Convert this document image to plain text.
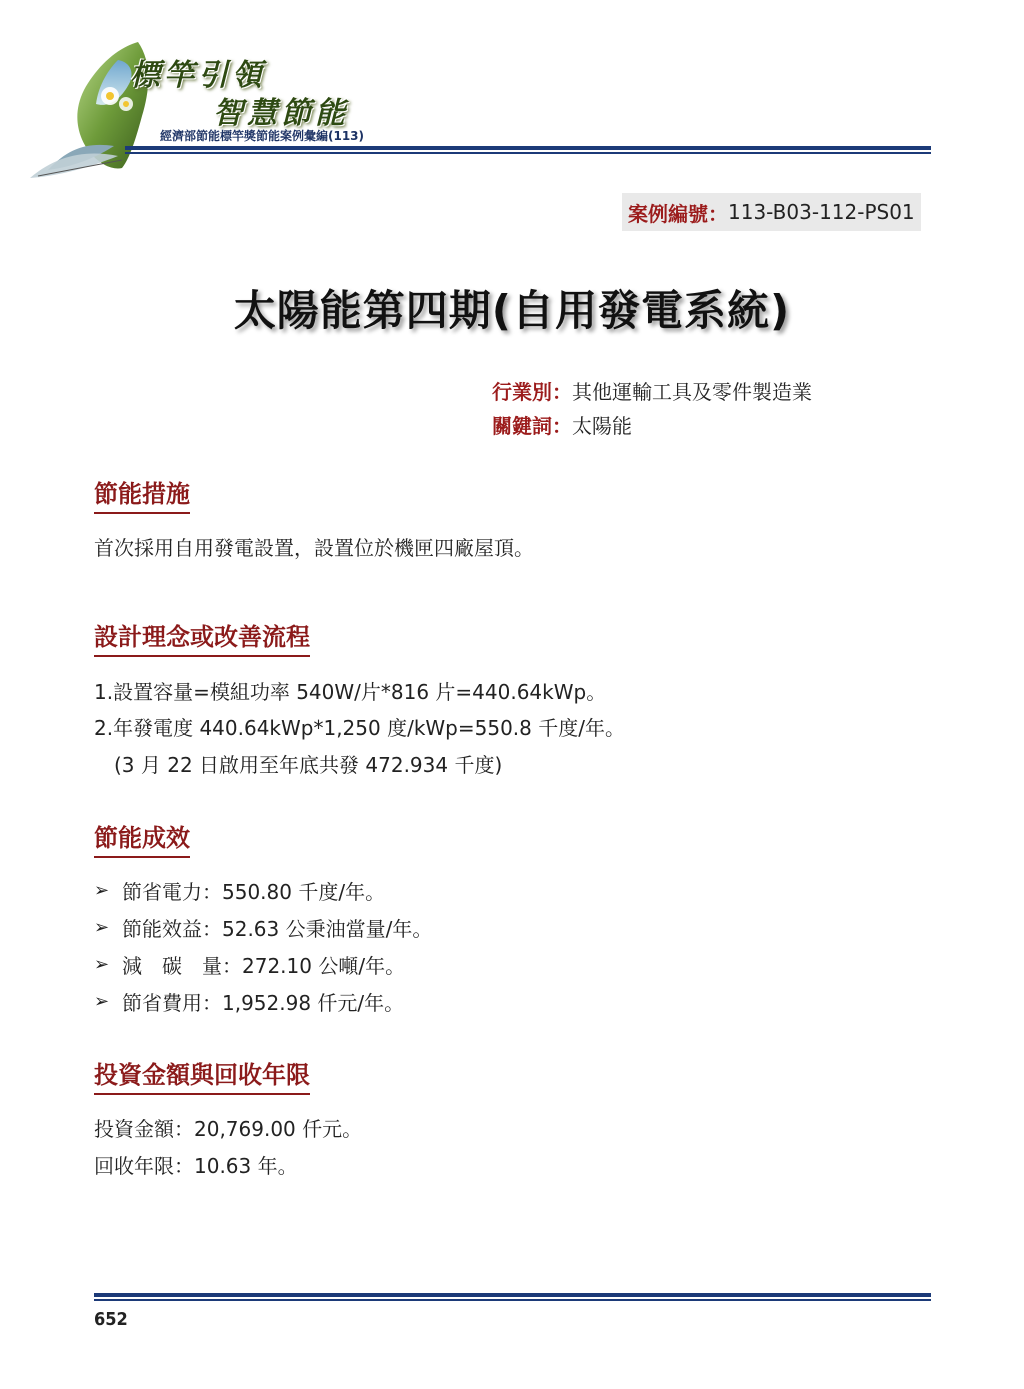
標竿引領
智慧節能
經濟部節能標竿獎節能案例彙編(113)
案例編號： 113-B03-112-PS01
太陽能第四期(自用發電系統)
行業別：其他運輸工具及零件製造業
關鍵詞：太陽能
節能措施
首次採用自用發電設置，設置位於機匣四廠屋頂。
設計理念或改善流程
1.設置容量=模組功率 540W/片*816 片=440.64kWp。
2.年發電度 440.64kWp*1,250 度/kWp=550.8 千度/年。
(3 月 22 日啟用至年底共發 472.934 千度)
節能成效
➢ 節省電力：550.80 千度/年。
➢ 節能效益：52.63 公秉油當量/年。
➢ 減　碳　量：272.10 公噸/年。
➢ 節省費用：1,952.98 仟元/年。
投資金額與回收年限
投資金額：20,769.00 仟元。
回收年限：10.63 年。
652
